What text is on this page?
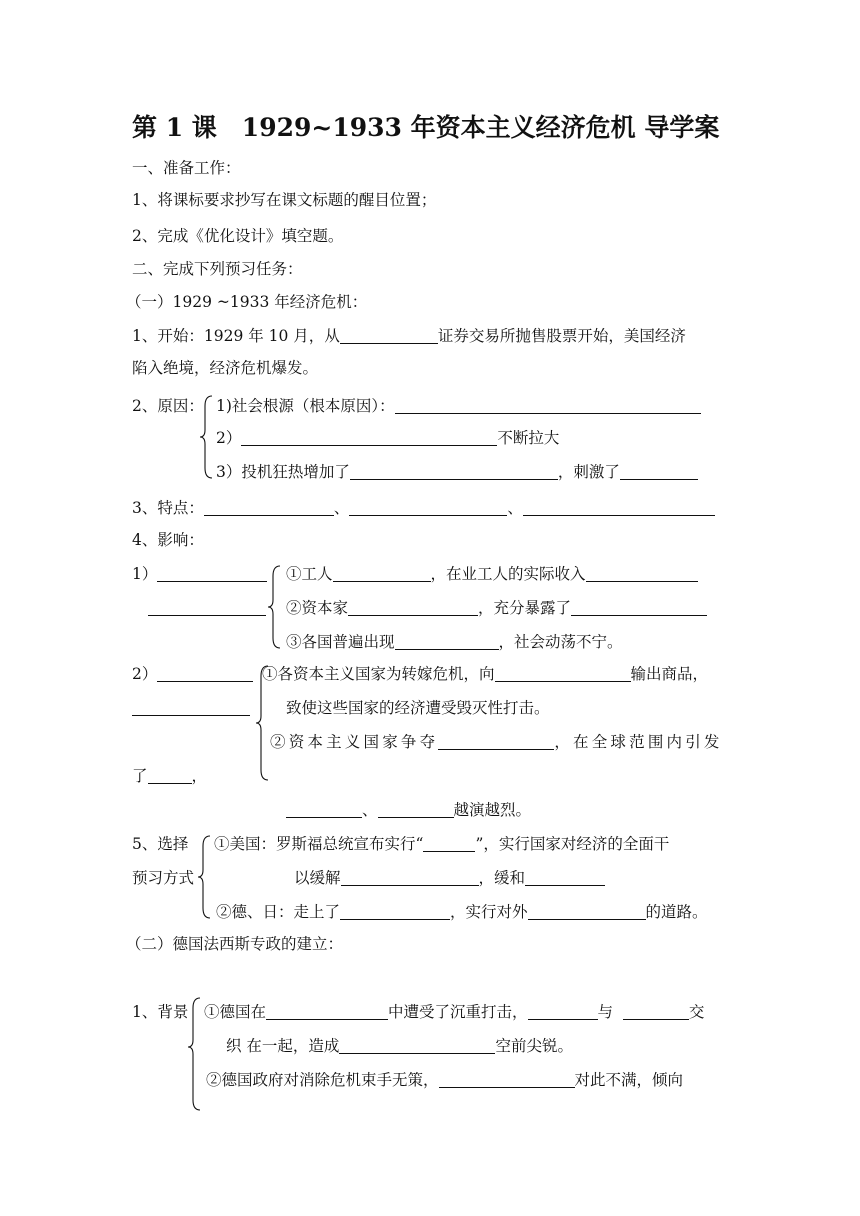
第 1 课　1929~1933 年资本主义经济危机 导学案
一、准备工作：
1、将课标要求抄写在课文标题的醒目位置；
2、完成《优化设计》填空题。
二、完成下列预习任务：
（一）1929 ~1933 年经济危机：
1、开始：1929 年 10 月，从	证券交易所抛售股票开始，美国经济
陷入绝境，经济危机爆发。
2、原因： 1)社会根源（根本原因）：
2）	不断拉大
3）投机狂热增加了	，刺激了
3、特点：	、	、
4、影响：
1）	①工人	，在业工人的实际收入
②资本家	，充分暴露了
③各国普遍出现	，社会动荡不宁。
2）	①各资本主义国家为转嫁危机，向	输出商品，
致使这些国家的经济遭受毁灭性打击。
②资本主义国家争夺	，在全球范围内引发
了	，
、	越演越烈。
5、选择
预习方式
①美国：罗斯福总统宣布实行“	”，实行国家对经济的全面干
以缓解	，缓和
②德、日：走上了	，实行对外	的道路。
（二）德国法西斯专政的建立：
1、背景 ①德国在	中遭受了沉重打击，	与	交
织 在一起，造成	空前尖锐。
②德国政府对消除危机束手无策，	对此不满，倾向
